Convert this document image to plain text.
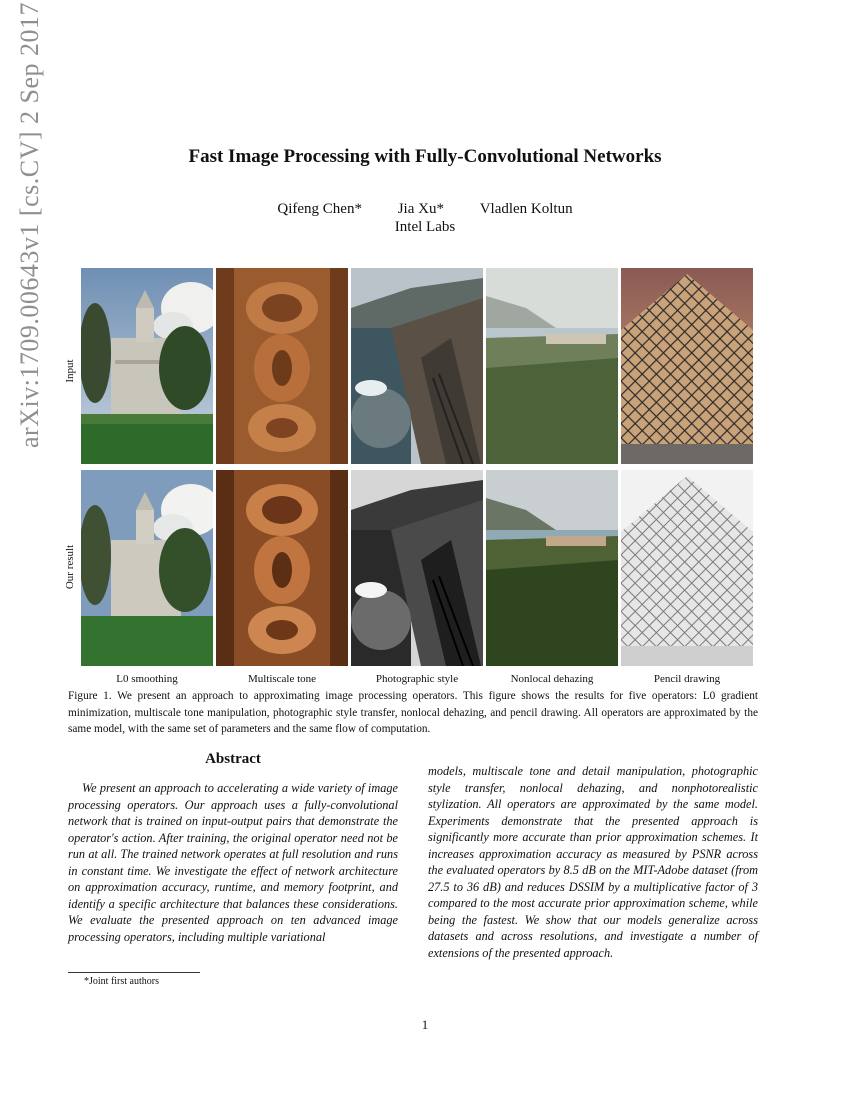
arXiv:1709.00643v1 [cs.CV] 2 Sep 2017	Fast Image Processing with Fully-Convolutional Networks
Qifeng Chen* Jia Xu* Vladlen Koltun
Intel Labs
Input
Our result
L0 smoothing	Multiscale tone	Photographic style	Nonlocal dehazing	Pencil drawing
Figure 1. We present an approach to approximating image processing operators. This figure shows the results for five operators: L0 gradient minimization, multiscale tone manipulation, photographic style transfer, nonlocal dehazing, and pencil drawing. All operators are approximated by the same model, with the same set of parameters and the same flow of computation.
Abstract
We present an approach to accelerating a wide variety of image processing operators. Our approach uses a fully-convolutional network that is trained on input-output pairs that demonstrate the operator's action. After training, the original operator need not be run at all. The trained network operates at full resolution and runs in constant time. We investigate the effect of network architecture on approximation accuracy, runtime, and memory footprint, and identify a specific architecture that balances these considerations. We evaluate the presented approach on ten advanced image processing operators, including multiple variational
models, multiscale tone and detail manipulation, photographic style transfer, nonlocal dehazing, and nonphotorealistic stylization. All operators are approximated by the same model. Experiments demonstrate that the presented approach is significantly more accurate than prior approximation schemes. It increases approximation accuracy as measured by PSNR across the evaluated operators by 8.5 dB on the MIT-Adobe dataset (from 27.5 to 36 dB) and reduces DSSIM by a multiplicative factor of 3 compared to the most accurate prior approximation scheme, while being the fastest. We show that our models generalize across datasets and across resolutions, and investigate a number of extensions of the presented approach.
*Joint first authors
1
